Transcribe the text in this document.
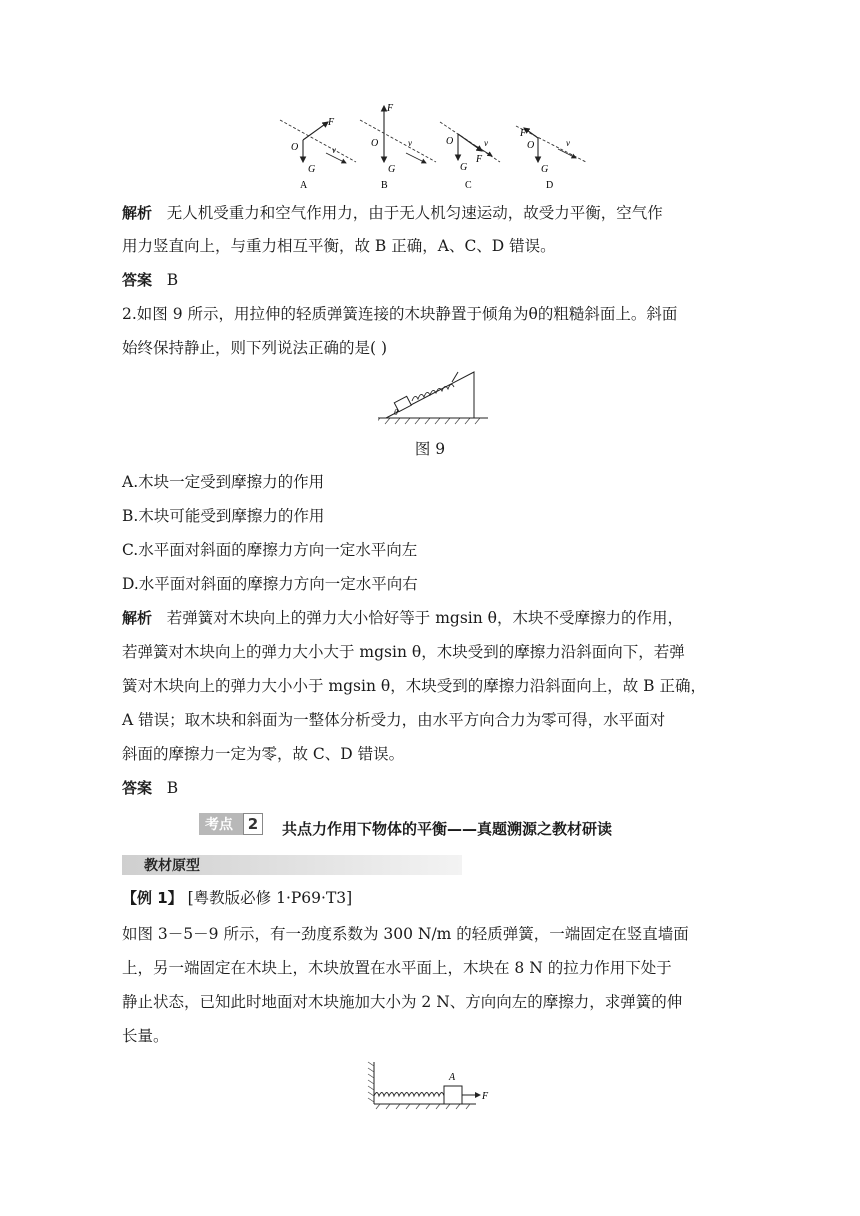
F
O
G
v
A
F
O
G
v
B
O
G
F
v
C
F
O
G
v
D
解析 无人机受重力和空气作用力，由于无人机匀速运动，故受力平衡，空气作
用力竖直向上，与重力相互平衡，故 B 正确，A、C、D 错误。
答案 B
2.如图 9 所示，用拉伸的轻质弹簧连接的木块静置于倾角为θ的粗糙斜面上。斜面
始终保持静止，则下列说法正确的是( )
θ
图 9
A.木块一定受到摩擦力的作用
B.木块可能受到摩擦力的作用
C.水平面对斜面的摩擦力方向一定水平向左
D.水平面对斜面的摩擦力方向一定水平向右
解析 若弹簧对木块向上的弹力大小恰好等于 mgsin θ，木块不受摩擦力的作用，
若弹簧对木块向上的弹力大小大于 mgsin θ，木块受到的摩擦力沿斜面向下，若弹
簧对木块向上的弹力大小小于 mgsin θ，木块受到的摩擦力沿斜面向上，故 B 正确，
A 错误；取木块和斜面为一整体分析受力，由水平方向合力为零可得，水平面对
斜面的摩擦力一定为零，故 C、D 错误。
答案 B
考点 2	共点力作用下物体的平衡——真题溯源之教材研读
教材原型
【例 1】 [粤教版必修 1·P69·T3]
如图 3－5－9 所示，有一劲度系数为 300 N/m 的轻质弹簧，一端固定在竖直墙面
上，另一端固定在木块上，木块放置在水平面上，木块在 8 N 的拉力作用下处于
静止状态，已知此时地面对木块施加大小为 2 N、方向向左的摩擦力，求弹簧的伸
长量。
A
F
